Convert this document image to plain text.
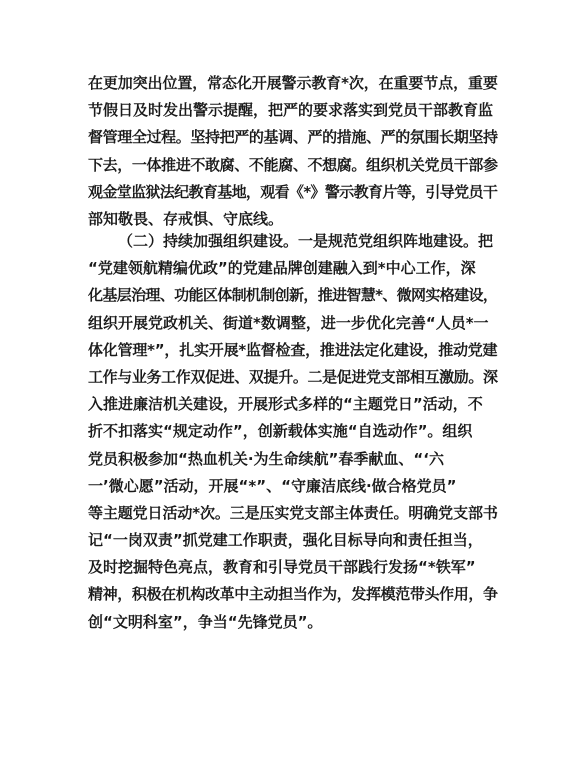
在更加突出位置，常态化开展警示教育*次，在重要节点，重要
节假日及时发出警示提醒，把严的要求落实到党员干部教育监
督管理全过程。坚持把严的基调、严的措施、严的氛围长期坚持
下去，一体推进不敢腐、不能腐、不想腐。组织机关党员干部参
观金堂监狱法纪教育基地，观看《*》警示教育片等，引导党员干
部知敬畏、存戒惧、守底线。
（二）持续加强组织建设。一是规范党组织阵地建设。把
“党建领航精编优政”的党建品牌创建融入到*中心工作，深
化基层治理、功能区体制机制创新，推进智慧*、微网实格建设，
组织开展党政机关、街道*数调整，进一步优化完善“人员*一
体化管理*”，扎实开展*监督检查，推进法定化建设，推动党建
工作与业务工作双促进、双提升。二是促进党支部相互激励。深
入推进廉洁机关建设，开展形式多样的“主题党日”活动，不
折不扣落实“规定动作”，创新载体实施“自选动作”。组织
党员积极参加“热血机关·为生命续航”春季献血、“‘六
一’微心愿”活动，开展“*”、“守廉洁底线·做合格党员”
等主题党日活动*次。三是压实党支部主体责任。明确党支部书
记“一岗双责”抓党建工作职责，强化目标导向和责任担当，
及时挖掘特色亮点，教育和引导党员干部践行发扬“*铁军”
精神，积极在机构改革中主动担当作为，发挥模范带头作用，争
创“文明科室”，争当“先锋党员”。
